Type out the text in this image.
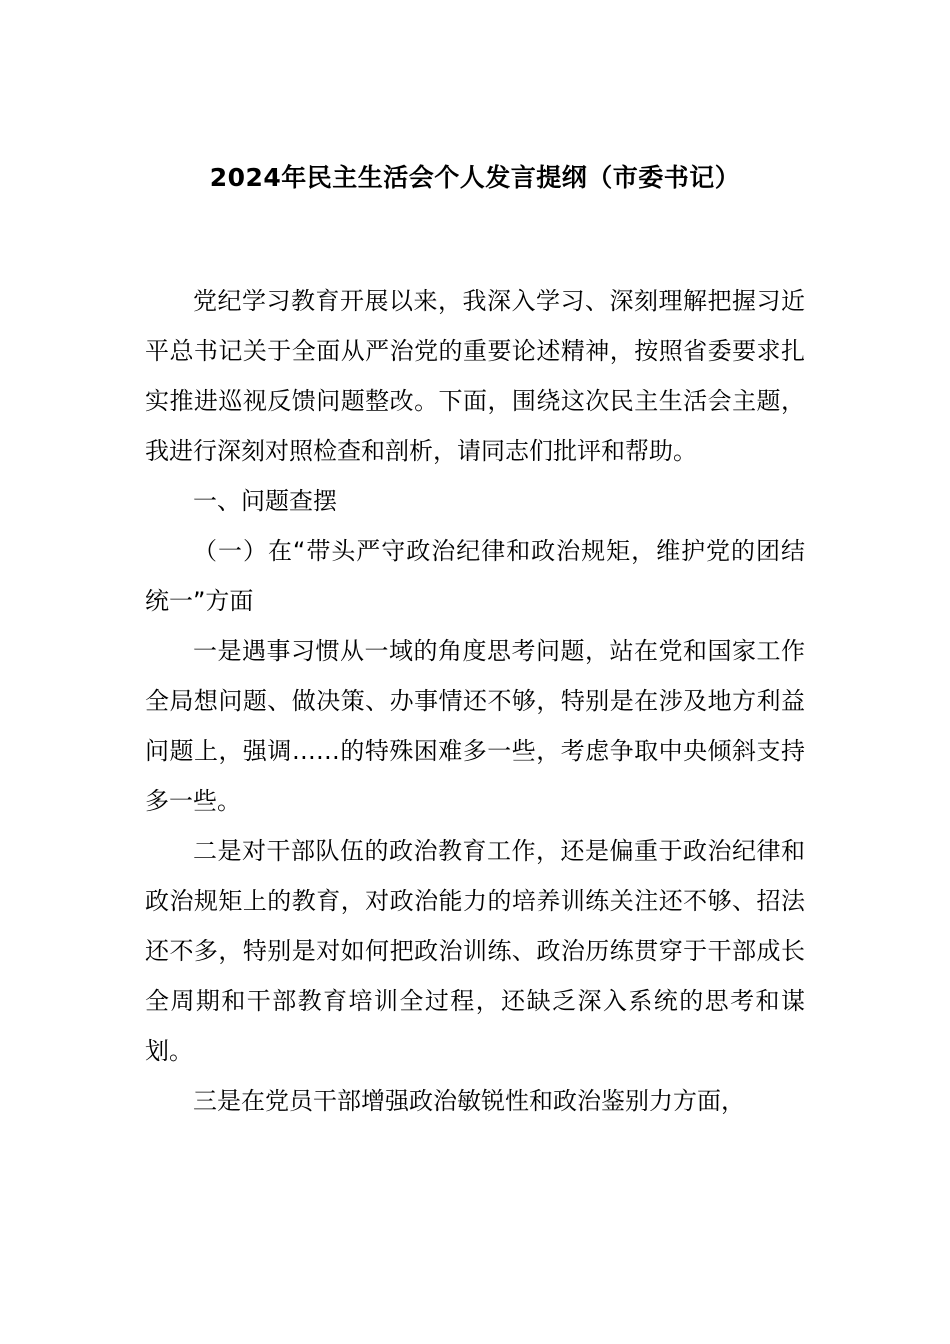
2024年民主生活会个人发言提纲（市委书记）

党纪学习教育开展以来，我深入学习、深刻理解把握习近平总书记关于全面从严治党的重要论述精神，按照省委要求扎实推进巡视反馈问题整改。下面，围绕这次民主生活会主题，我进行深刻对照检查和剖析，请同志们批评和帮助。

一、问题查摆

（一）在“带头严守政治纪律和政治规矩，维护党的团结统一”方面

一是遇事习惯从一域的角度思考问题，站在党和国家工作全局想问题、做决策、办事情还不够，特别是在涉及地方利益问题上，强调……的特殊困难多一些，考虑争取中央倾斜支持多一些。

二是对干部队伍的政治教育工作，还是偏重于政治纪律和政治规矩上的教育，对政治能力的培养训练关注还不够、招法还不多，特别是对如何把政治训练、政治历练贯穿于干部成长全周期和干部教育培训全过程，还缺乏深入系统的思考和谋划。

三是在党员干部增强政治敏锐性和政治鉴别力方面，
